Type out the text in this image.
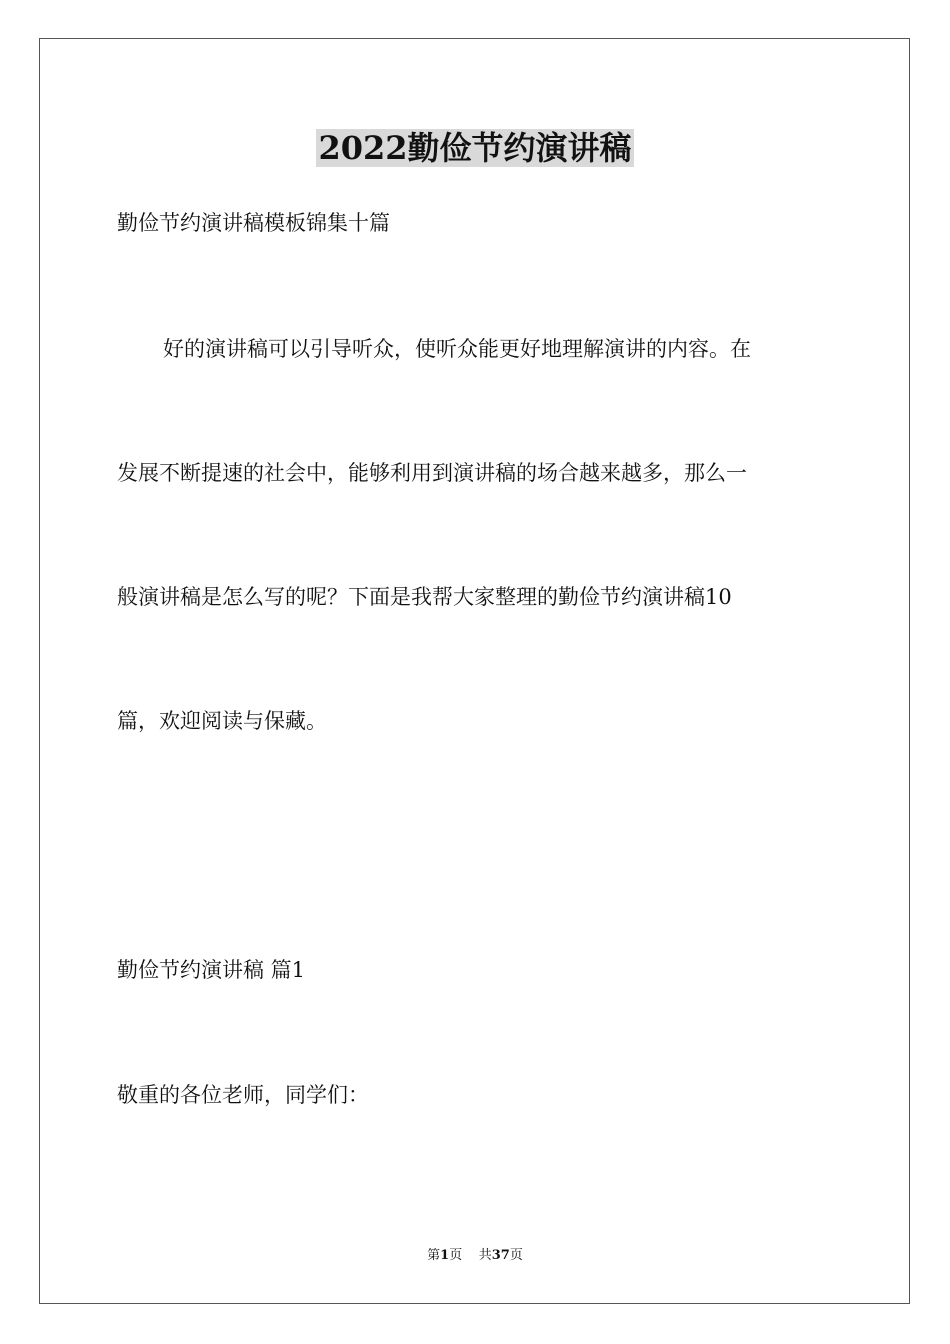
2022勤俭节约演讲稿
勤俭节约演讲稿模板锦集十篇
好的演讲稿可以引导听众，使听众能更好地理解演讲的内容。在
发展不断提速的社会中，能够利用到演讲稿的场合越来越多，那么一
般演讲稿是怎么写的呢？下面是我帮大家整理的勤俭节约演讲稿10
篇，欢迎阅读与保藏。
勤俭节约演讲稿 篇1
敬重的各位老师，同学们：
第1页 共37页
